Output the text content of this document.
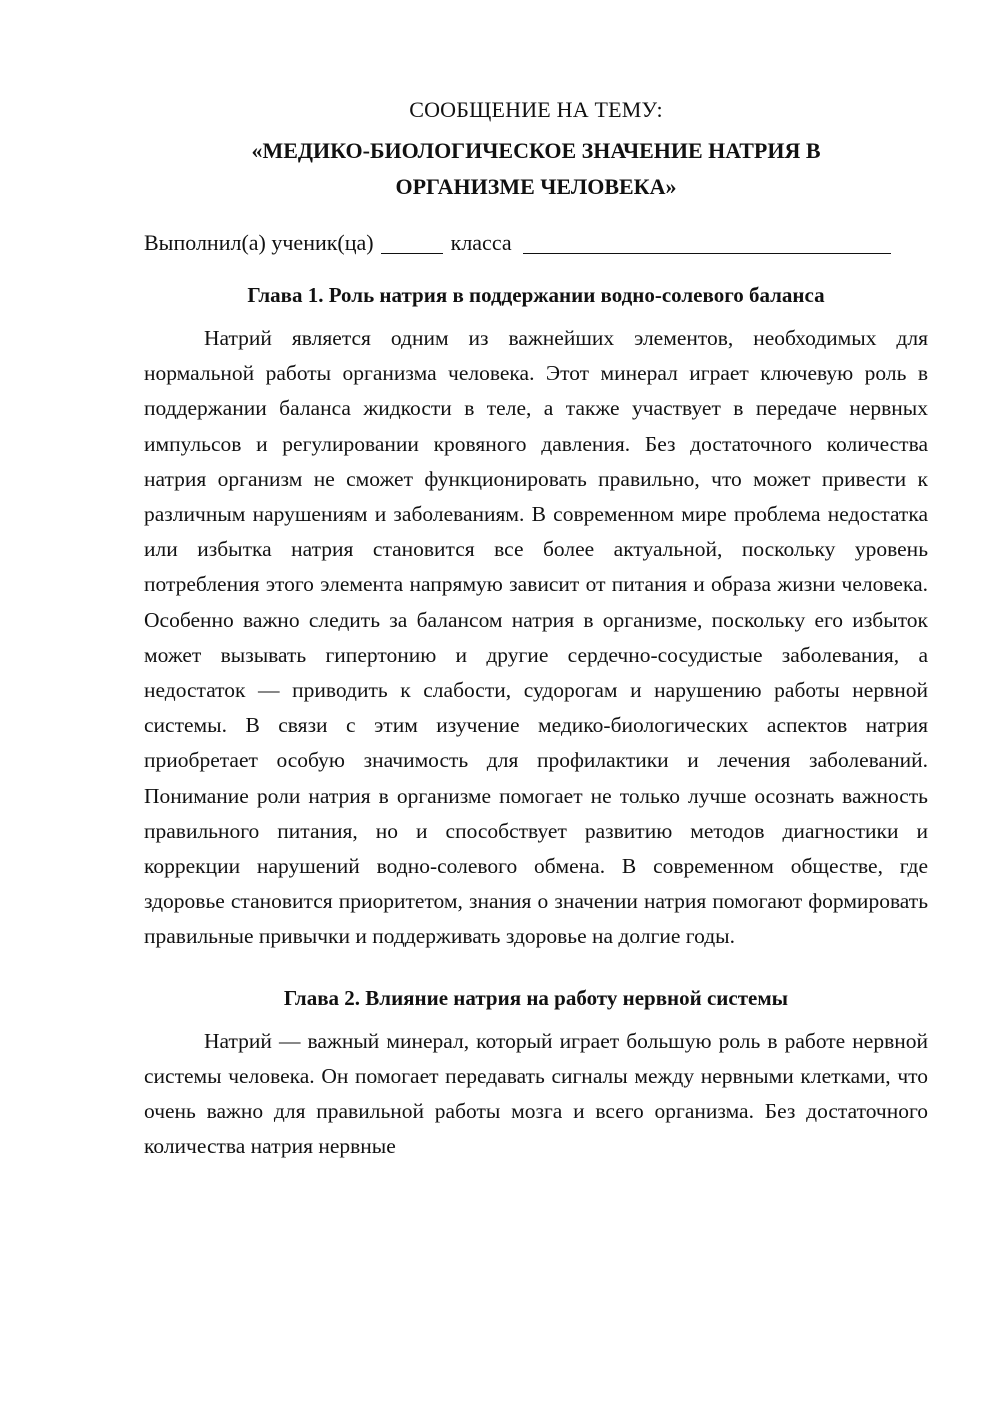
СООБЩЕНИЕ НА ТЕМУ:

«МЕДИКО-БИОЛОГИЧЕСКОЕ ЗНАЧЕНИЕ НАТРИЯ В ОРГАНИЗМЕ ЧЕЛОВЕКА»

Выполнил(а) ученик(ца)	класса
Глава 1. Роль натрия в поддержании водно-солевого баланса

Натрий является одним из важнейших элементов, необходимых для нормальной работы организма человека. Этот минерал играет ключевую роль в поддержании баланса жидкости в теле, а также участвует в передаче нервных импульсов и регулировании кровяного давления. Без достаточного количества натрия организм не сможет функционировать правильно, что может привести к различным нарушениям и заболеваниям. В современном мире проблема недостатка или избытка натрия становится все более актуальной, поскольку уровень потребления этого элемента напрямую зависит от питания и образа жизни человека. Особенно важно следить за балансом натрия в организме, поскольку его избыток может вызывать гипертонию и другие сердечно-сосудистые заболевания, а недостаток — приводить к слабости, судорогам и нарушению работы нервной системы. В связи с этим изучение медико-биологических аспектов натрия приобретает особую значимость для профилактики и лечения заболеваний. Понимание роли натрия в организме помогает не только лучше осознать важность правильного питания, но и способствует развитию методов диагностики и коррекции нарушений водно-солевого обмена. В современном обществе, где здоровье становится приоритетом, знания о значении натрия помогают формировать правильные привычки и поддерживать здоровье на долгие годы.

Глава 2. Влияние натрия на работу нервной системы

Натрий — важный минерал, который играет большую роль в работе нервной системы человека. Он помогает передавать сигналы между нервными клетками, что очень важно для правильной работы мозга и всего организма. Без достаточного количества натрия нервные
